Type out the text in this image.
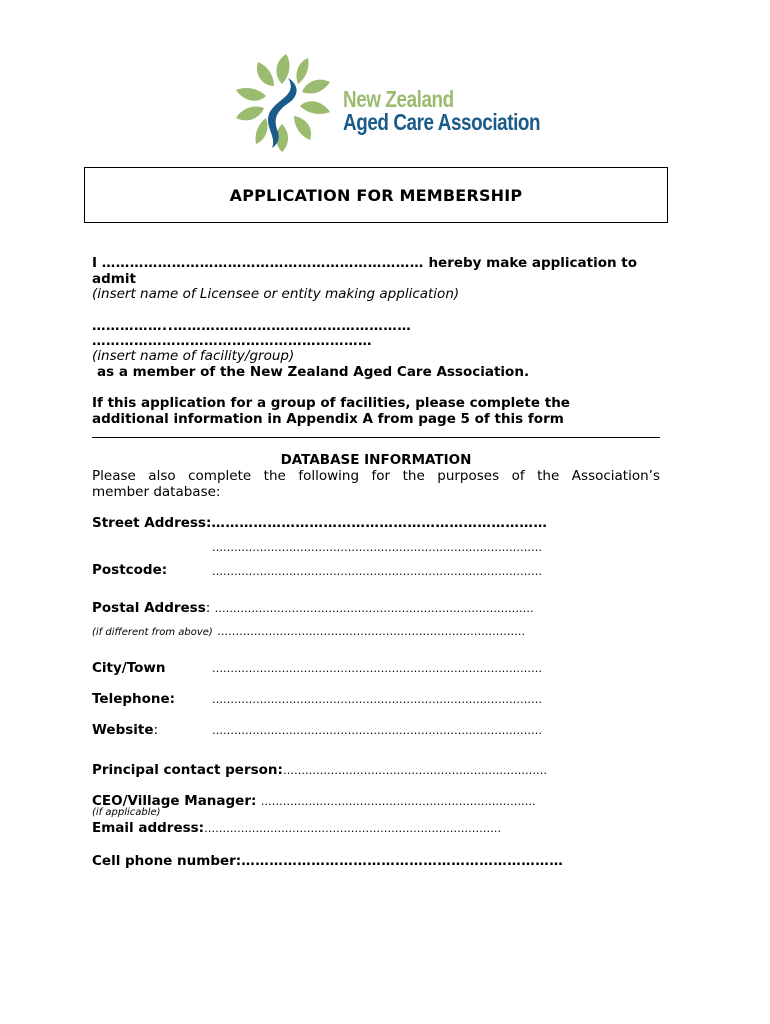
New Zealand
Aged Care Association
APPLICATION FOR MEMBERSHIP
I …………………………………………………………… hereby make application to
admit
(insert name of Licensee or entity making application)
……………..……………………………………………
……………………………………………………
(insert name of facility/group)
as a member of the New Zealand Aged Care Association.
If this application for a group of facilities, please complete the
additional information in Appendix A from page 5 of this form
DATABASE INFORMATION
Please also complete the following for the purposes of the Association’s
member database:
Street Address:………………………………………………………………
………………………………………………………………………………
Postcode:	………………………………………………………………………………
Postal Address: ……………………………………………………………………………
(if different from above) …………………………………………………………………………
City/Town	………………………………………………………………………………
Telephone:	………………………………………………………………………………
Website:	………………………………………………………………………………
Principal contact person:………………………………………………………………
CEO/Village Manager: …………………………………………………………………
(if applicable)
Email address:………………………………………………………………………
Cell phone number:……………………………………………………………
